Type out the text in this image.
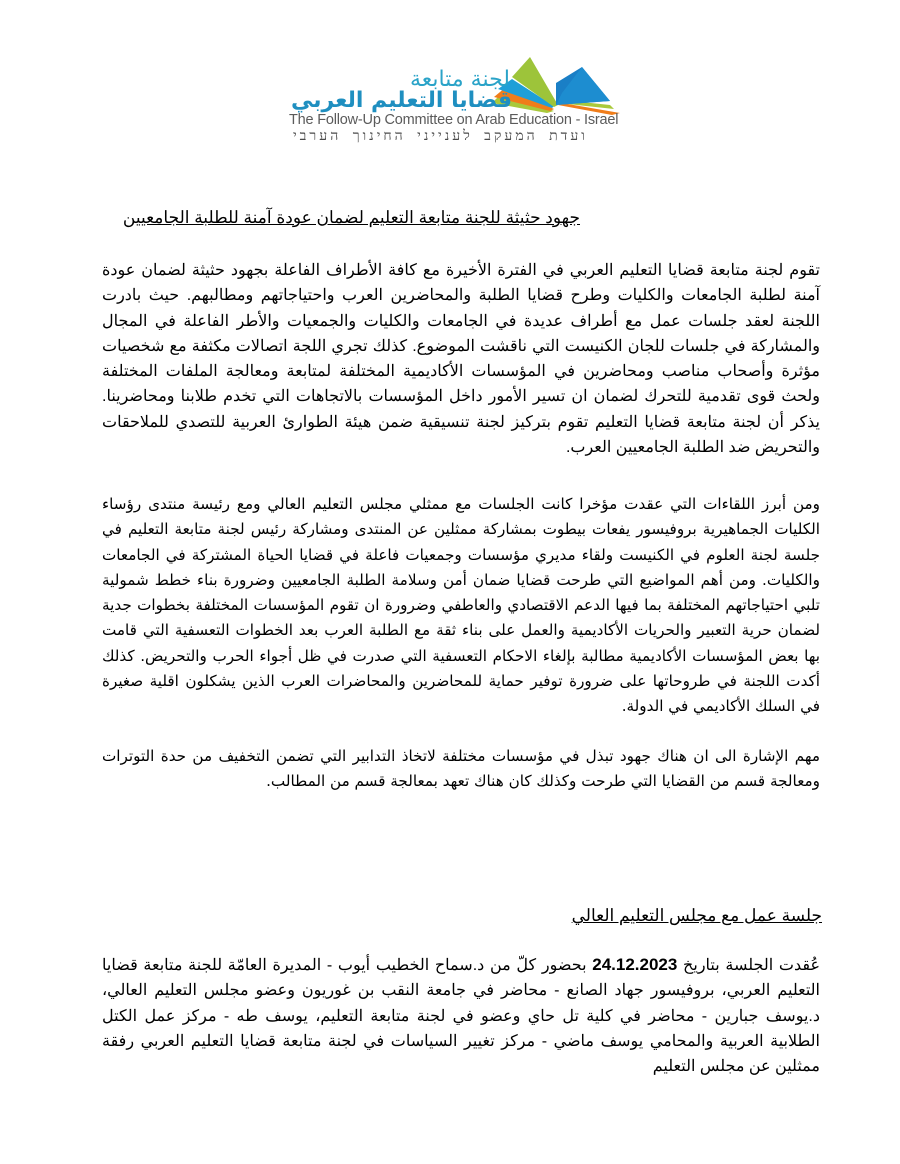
لجنة متابعة
قضايا التعليم العربي
The Follow-Up Committee on Arab Education - Israel
ועדת המעקב לענייני החינוך הערבי
جهود حثيثة للجنة متابعة التعليم لضمان عودة آمنة للطلبة الجامعيين
تقوم لجنة متابعة قضايا التعليم العربي في الفترة الأخيرة مع كافة الأطراف الفاعلة بجهود حثيثة لضمان عودة آمنة لطلبة الجامعات والكليات وطرح قضايا الطلبة والمحاضرين العرب واحتياجاتهم ومطالبهم. حيث بادرت اللجنة لعقد جلسات عمل مع أطراف عديدة في الجامعات والكليات والجمعيات والأطر الفاعلة في المجال والمشاركة في جلسات للجان الكنيست التي ناقشت الموضوع. كذلك تجري اللجة اتصالات مكثفة مع شخصيات مؤثرة وأصحاب مناصب ومحاضرين في المؤسسات الأكاديمية المختلفة لمتابعة ومعالجة الملفات المختلفة ولحث قوى تقدمية للتحرك لضمان ان تسير الأمور داخل المؤسسات بالاتجاهات التي تخدم طلابنا ومحاضرينا. يذكر أن لجنة متابعة قضايا التعليم تقوم بتركيز لجنة تنسيقية ضمن هيئة الطوارئ العربية للتصدي للملاحقات والتحريض ضد الطلبة الجامعيين العرب.
ومن أبرز اللقاءات التي عقدت مؤخرا كانت الجلسات مع ممثلي مجلس التعليم العالي ومع رئيسة منتدى رؤساء الكليات الجماهيرية بروفيسور يفعات بيطوت بمشاركة ممثلين عن المنتدى ومشاركة رئيس لجنة متابعة التعليم في جلسة لجنة العلوم في الكنيست ولقاء مديري مؤسسات وجمعيات فاعلة في قضايا الحياة المشتركة في الجامعات والكليات. ومن أهم المواضيع التي طرحت قضايا ضمان أمن وسلامة الطلبة الجامعيين وضرورة بناء خطط شمولية تلبي احتياجاتهم المختلفة بما فيها الدعم الاقتصادي والعاطفي وضرورة ان تقوم المؤسسات المختلفة بخطوات جدية لضمان حرية التعبير والحريات الأكاديمية والعمل على بناء ثقة مع الطلبة العرب بعد الخطوات التعسفية التي قامت بها بعض المؤسسات الأكاديمية مطالبة بإلغاء الاحكام التعسفية التي صدرت في ظل أجواء الحرب والتحريض. كذلك أكدت اللجنة في طروحاتها على ضرورة توفير حماية للمحاضرين والمحاضرات العرب الذين يشكلون اقلية صغيرة في السلك الأكاديمي في الدولة.
مهم الإشارة الى ان هناك جهود تبذل في مؤسسات مختلفة لاتخاذ التدابير التي تضمن التخفيف من حدة التوترات ومعالجة قسم من القضايا التي طرحت وكذلك كان هناك تعهد بمعالجة قسم من المطالب.
جلسة عمل مع مجلس التعليم العالي
عُقدت الجلسة بتاريخ 24.12.2023 بحضور كلّ من د.سماح الخطيب أيوب - المديرة العامّة للجنة متابعة قضايا التعليم العربي، بروفيسور جهاد الصانع - محاضر في جامعة النقب بن غوريون وعضو مجلس التعليم العالي، د.يوسف جبارين - محاضر في كلية تل حاي وعضو في لجنة متابعة التعليم، يوسف طه - مركز عمل الكتل الطلابية العربية والمحامي يوسف ماضي - مركز تغيير السياسات في لجنة متابعة قضايا التعليم العربي رفقة ممثلين عن مجلس التعليم
